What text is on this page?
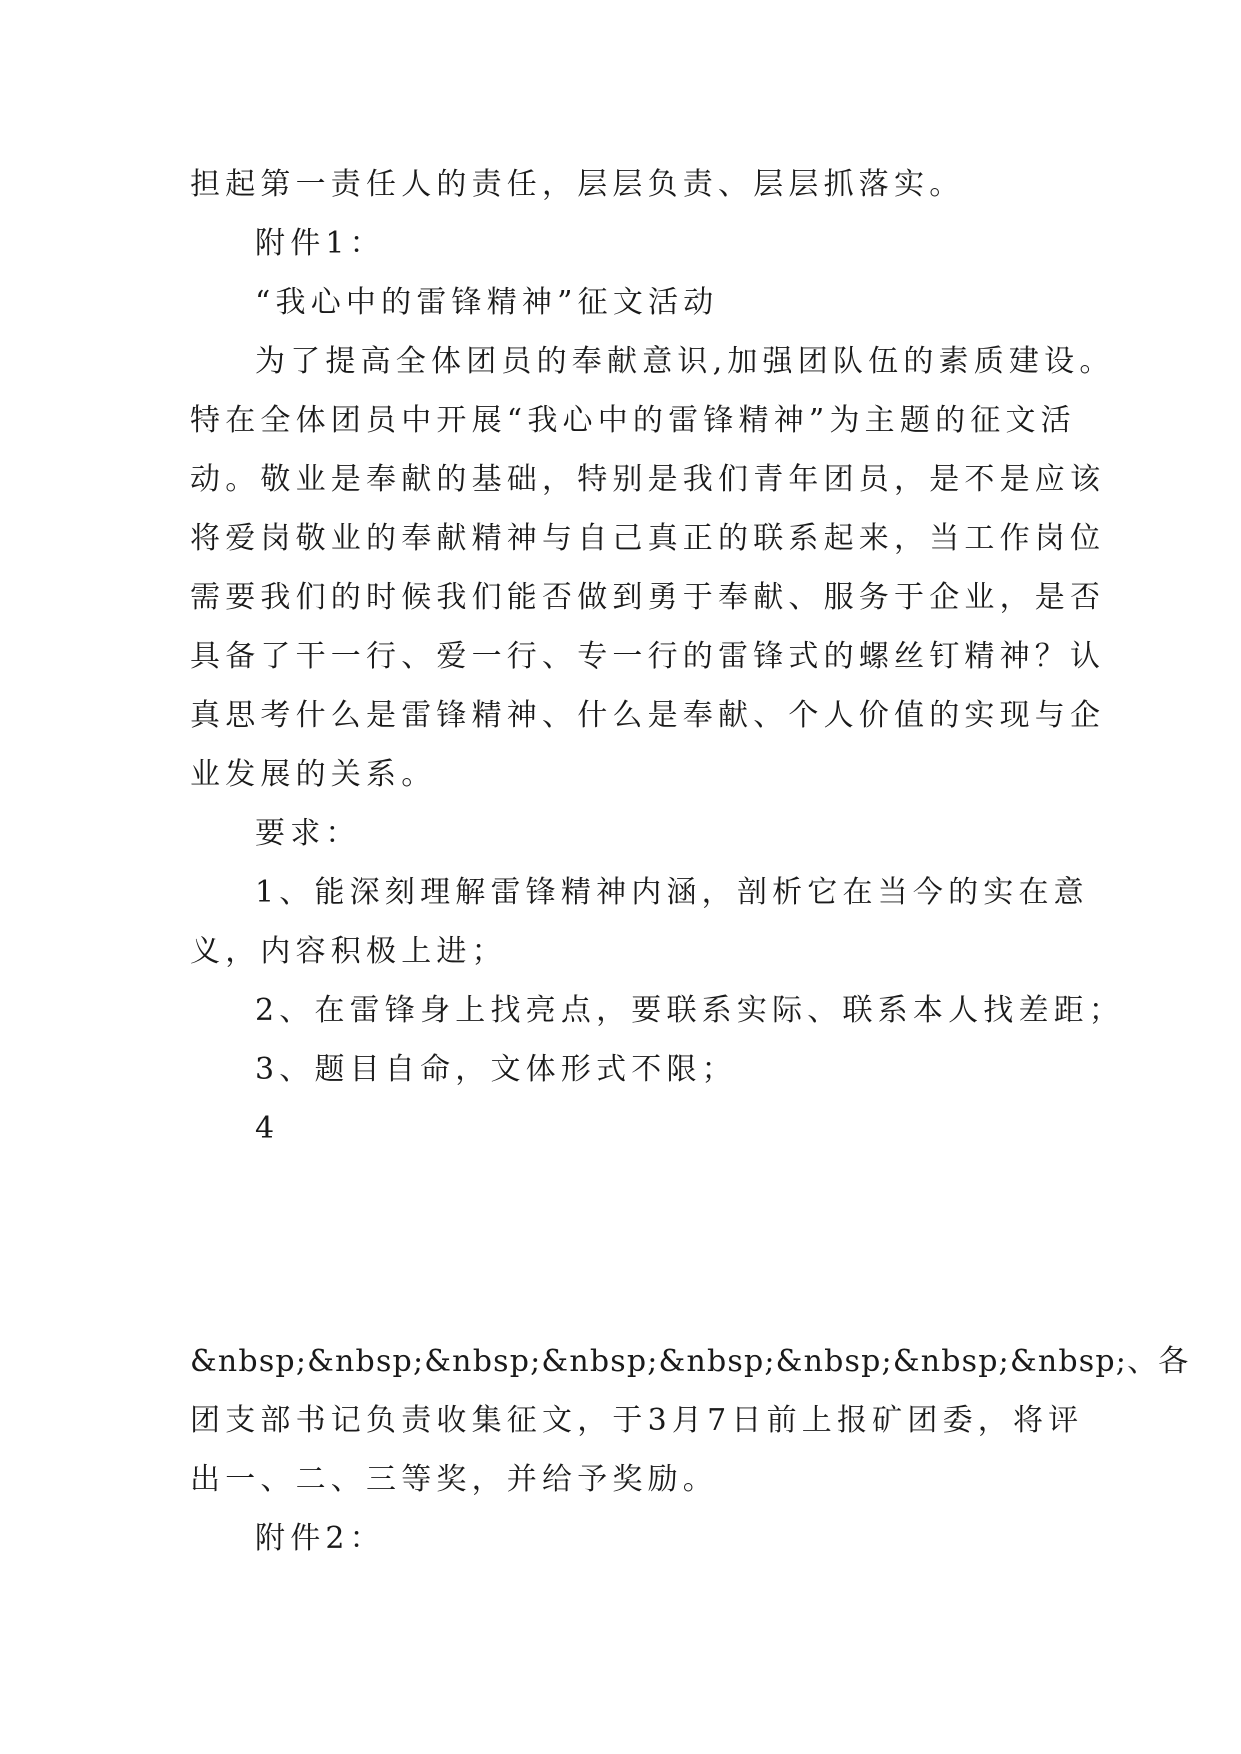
担起第一责任人的责任，层层负责、层层抓落实。
附件1：
“我心中的雷锋精神”征文活动
为了提高全体团员的奉献意识,加强团队伍的素质建设。
特在全体团员中开展“我心中的雷锋精神”为主题的征文活
动。敬业是奉献的基础，特别是我们青年团员，是不是应该
将爱岗敬业的奉献精神与自己真正的联系起来，当工作岗位
需要我们的时候我们能否做到勇于奉献、服务于企业，是否
具备了干一行、爱一行、专一行的雷锋式的螺丝钉精神？认
真思考什么是雷锋精神、什么是奉献、个人价值的实现与企
业发展的关系。
要求：
1、能深刻理解雷锋精神内涵，剖析它在当今的实在意
义，内容积极上进；
2、在雷锋身上找亮点，要联系实际、联系本人找差距；
3、题目自命，文体形式不限；
4
&nbsp;&nbsp;&nbsp;&nbsp;&nbsp;&nbsp;&nbsp;&nbsp;、各
团支部书记负责收集征文，于3月7日前上报矿团委，将评
出一、二、三等奖，并给予奖励。
附件2：
